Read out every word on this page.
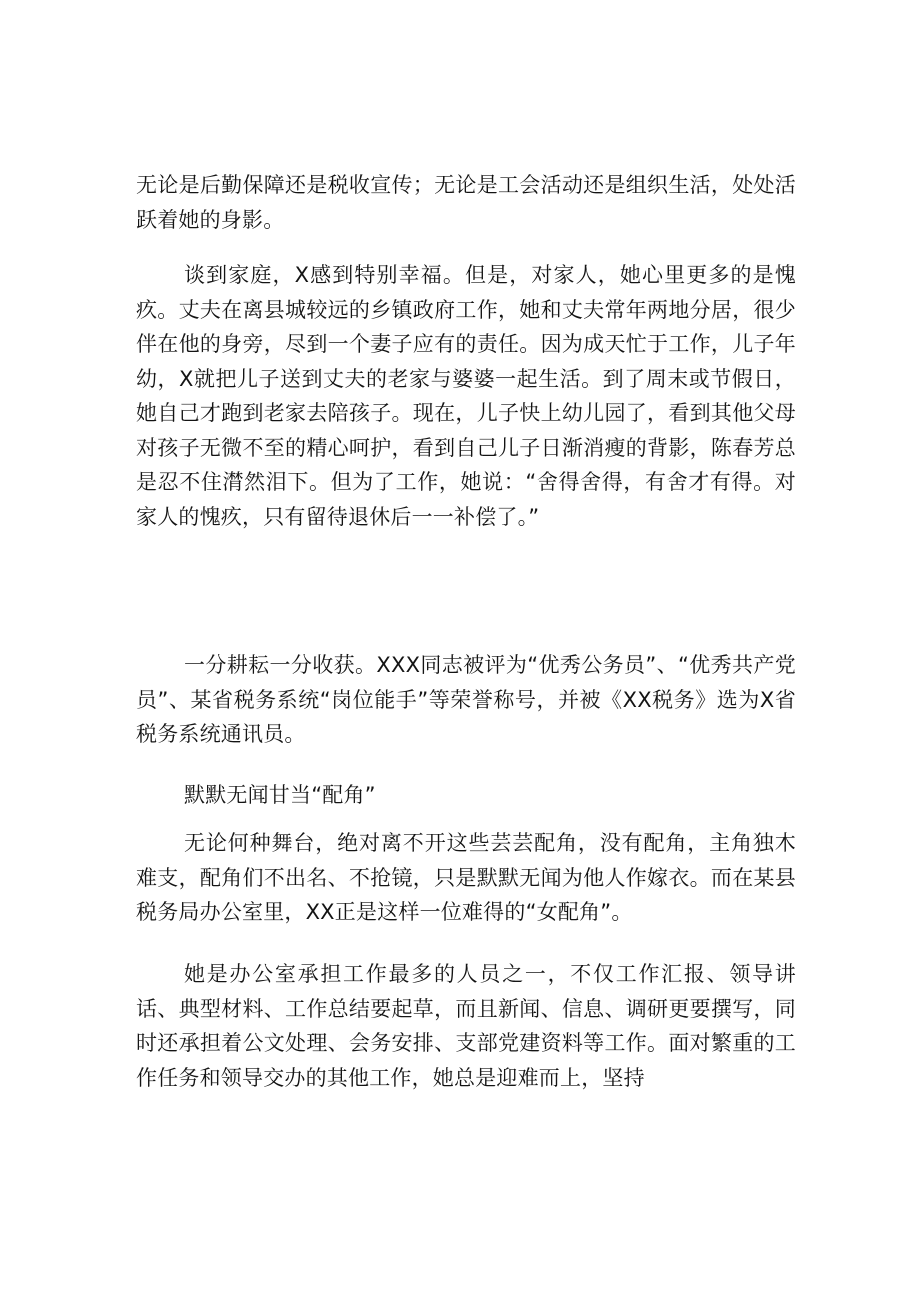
无论是后勤保障还是税收宣传；无论是工会活动还是组织生活，处处活跃着她的身影。

谈到家庭，X感到特别幸福。但是，对家人，她心里更多的是愧疚。丈夫在离县城较远的乡镇政府工作，她和丈夫常年两地分居，很少伴在他的身旁，尽到一个妻子应有的责任。因为成天忙于工作，儿子年幼，X就把儿子送到丈夫的老家与婆婆一起生活。到了周末或节假日，她自己才跑到老家去陪孩子。现在，儿子快上幼儿园了，看到其他父母对孩子无微不至的精心呵护，看到自己儿子日渐消瘦的背影，陈春芳总是忍不住潸然泪下。但为了工作，她说：“舍得舍得，有舍才有得。对家人的愧疚，只有留待退休后一一补偿了。”

一分耕耘一分收获。XXX同志被评为“优秀公务员”、“优秀共产党员”、某省税务系统“岗位能手”等荣誉称号，并被《XX税务》选为X省税务系统通讯员。

默默无闻甘当“配角”

无论何种舞台，绝对离不开这些芸芸配角，没有配角，主角独木难支，配角们不出名、不抢镜，只是默默无闻为他人作嫁衣。而在某县税务局办公室里，XX正是这样一位难得的“女配角”。

她是办公室承担工作最多的人员之一，不仅工作汇报、领导讲话、典型材料、工作总结要起草，而且新闻、信息、调研更要撰写，同时还承担着公文处理、会务安排、支部党建资料等工作。面对繁重的工作任务和领导交办的其他工作，她总是迎难而上，坚持
